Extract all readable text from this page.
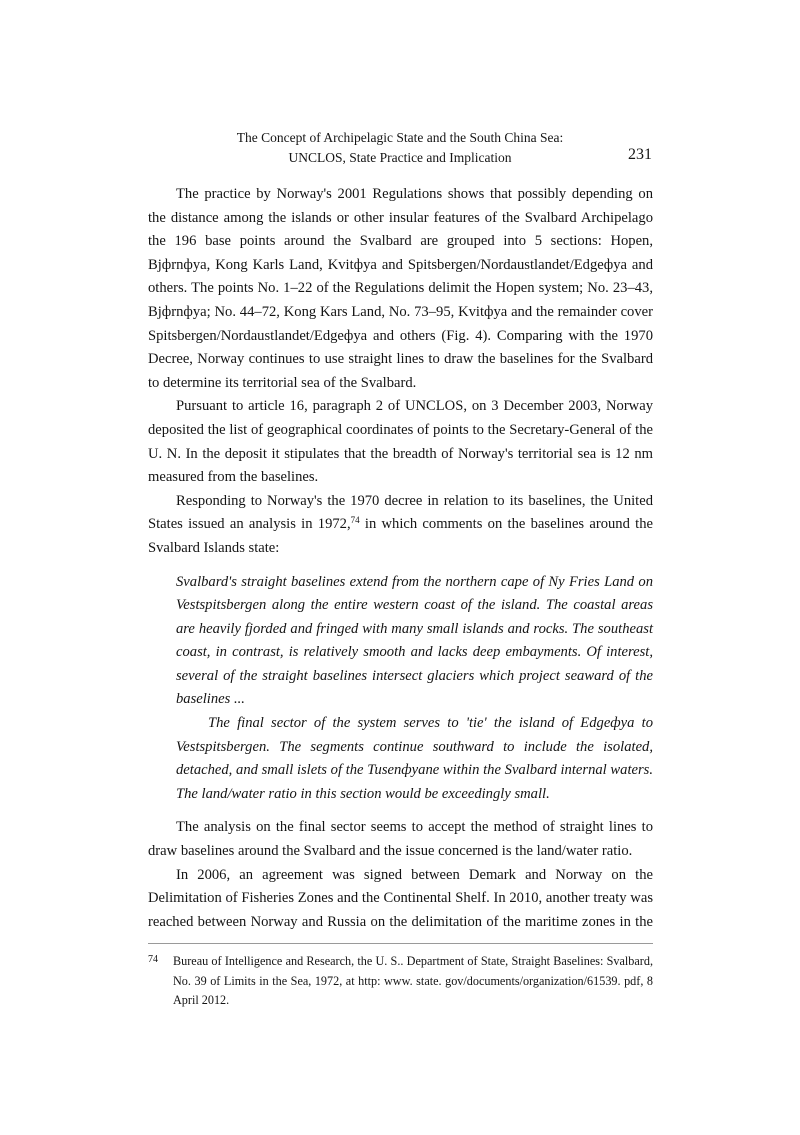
The Concept of Archipelagic State and the South China Sea:
UNCLOS, State Practice and Implication	231

The practice by Norway's 2001 Regulations shows that possibly depending on the distance among the islands or other insular features of the Svalbard Archipelago the 196 base points around the Svalbard are grouped into 5 sections: Hopen, Bjфrnфya, Kong Karls Land, Kvitфya and Spitsbergen/Nordaustlandet/Edgeфya and others. The points No. 1–22 of the Regulations delimit the Hopen system; No. 23–43, Bjфrnфya; No. 44–72, Kong Kars Land, No. 73–95, Kvitфya and the remainder cover Spitsbergen/Nordaustlandet/Edgeфya and others (Fig. 4). Comparing with the 1970 Decree, Norway continues to use straight lines to draw the baselines for the Svalbard to determine its territorial sea of the Svalbard.

Pursuant to article 16, paragraph 2 of UNCLOS, on 3 December 2003, Norway deposited the list of geographical coordinates of points to the Secretary-General of the U. N. In the deposit it stipulates that the breadth of Norway's territorial sea is 12 nm measured from the baselines.

Responding to Norway's the 1970 decree in relation to its baselines, the United States issued an analysis in 1972,74 in which comments on the baselines around the Svalbard Islands state:

Svalbard's straight baselines extend from the northern cape of Ny Fries Land on Vestspitsbergen along the entire western coast of the island. The coastal areas are heavily fjorded and fringed with many small islands and rocks. The southeast coast, in contrast, is relatively smooth and lacks deep embayments. Of interest, several of the straight baselines intersect glaciers which project seaward of the baselines ...

The final sector of the system serves to 'tie' the island of Edgeфya to Vestspitsbergen. The segments continue southward to include the isolated, detached, and small islets of the Tusenфyane within the Svalbard internal waters. The land/water ratio in this section would be exceedingly small.

The analysis on the final sector seems to accept the method of straight lines to draw baselines around the Svalbard and the issue concerned is the land/water ratio.

In 2006, an agreement was signed between Demark and Norway on the Delimitation of Fisheries Zones and the Continental Shelf. In 2010, another treaty was reached between Norway and Russia on the delimitation of the maritime zones in the

74 Bureau of Intelligence and Research, the U. S.. Department of State, Straight Baselines: Svalbard, No. 39 of Limits in the Sea, 1972, at http: www. state. gov/documents/organization/61539. pdf, 8 April 2012.
